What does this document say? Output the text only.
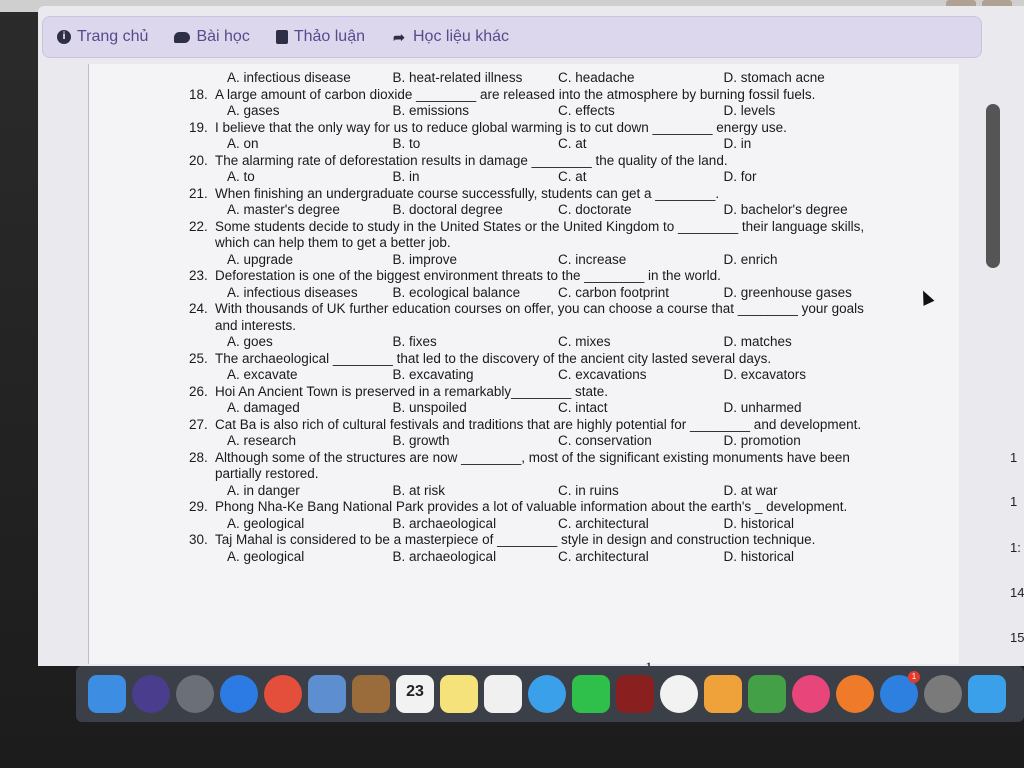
i Trang chủ	Bài học	Thảo luận ➦ Học liệu khác
A. infectious disease	B. heat-related illness	C. headache	D. stomach acne
18. A large amount of carbon dioxide ________ are released into the atmosphere by burning fossil fuels.
A. gases	B. emissions	C. effects	D. levels
19. I believe that the only way for us to reduce global warming is to cut down ________ energy use.
A. on	B. to	C. at	D. in
20. The alarming rate of deforestation results in damage ________ the quality of the land.
A. to	B. in	C. at	D. for
21. When finishing an undergraduate course successfully, students can get a ________.
A. master's degree	B. doctoral degree	C. doctorate	D. bachelor's degree
22. Some students decide to study in the United States or the United Kingdom to ________ their language skills,
which can help them to get a better job.
A. upgrade	B. improve	C. increase	D. enrich
23. Deforestation is one of the biggest environment threats to the ________ in the world.
A. infectious diseases	B. ecological balance	C. carbon footprint	D. greenhouse gases
24. With thousands of UK further education courses on offer, you can choose a course that ________ your goals
and interests.
A. goes	B. fixes	C. mixes	D. matches
25. The archaeological ________ that led to the discovery of the ancient city lasted several days.
A. excavate	B. excavating	C. excavations	D. excavators
26. Hoi An Ancient Town is preserved in a remarkably________ state.
A. damaged	B. unspoiled	C. intact	D. unharmed
27. Cat Ba is also rich of cultural festivals and traditions that are highly potential for ________ and development.
A. research	B. growth	C. conservation	D. promotion
28. Although some of the structures are now ________, most of the significant existing monuments have been
partially restored.
A. in danger	B. at risk	C. in ruins	D. at war
29. Phong Nha-Ke Bang National Park provides a lot of valuable information about the earth's _ development.
A. geological	B. archaeological	C. architectural	D. historical
30. Taj Mahal is considered to be a masterpiece of ________ style in design and construction technique.
A. geological	B. archaeological	C. architectural	D. historical
1
1
1:
14
15
23
1
